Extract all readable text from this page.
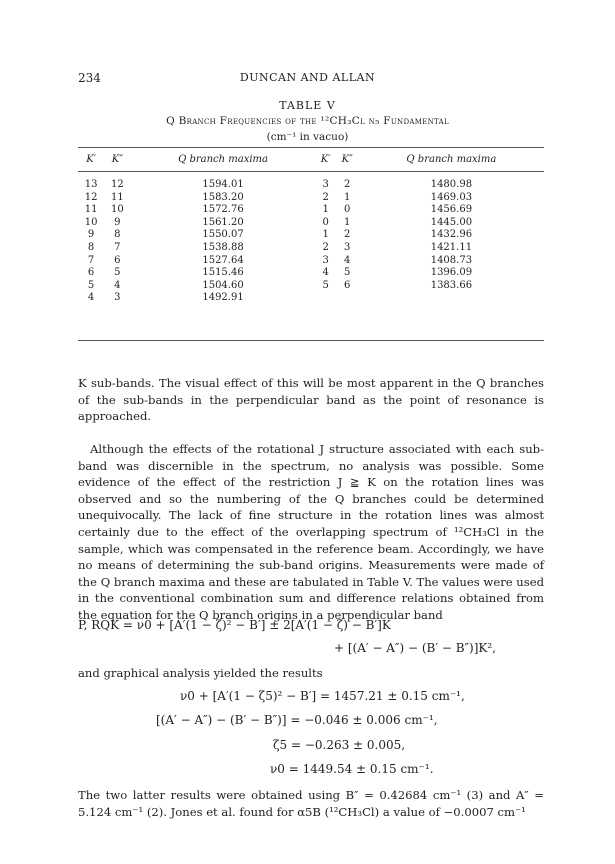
234	DUNCAN AND ALLAN
TABLE V
Q Branch Frequencies of the ¹²CH₃Cl ν₅ Fundamental
(cm⁻¹ in vacuo)
K′	K″	Q branch maxima	K′	K″	Q branch maxima
13	12	1594.01	3	2	1480.98
12	11	1583.20	2	1	1469.03
11	10	1572.76	1	0	1456.69
10	9	1561.20	0	1	1445.00
9	8	1550.07	1	2	1432.96
8	7	1538.88	2	3	1421.11
7	6	1527.64	3	4	1408.73
6	5	1515.46	4	5	1396.09
5	4	1504.60	5	6	1383.66
4	3	1492.91			
K sub-bands. The visual effect of this will be most apparent in the Q branches of the sub-bands in the perpendicular band as the point of resonance is approached.
Although the effects of the rotational J structure associated with each sub-band was discernible in the spectrum, no analysis was possible. Some evidence of the effect of the restriction J ≧ K on the rotation lines was observed and so the numbering of the Q branches could be determined unequivocally. The lack of fine structure in the rotation lines was almost certainly due to the effect of the overlapping spectrum of ¹²CH₃Cl in the sample, which was compensated in the reference beam. Accordingly, we have no means of determining the sub-band origins. Measurements were made of the Q branch maxima and these are tabulated in Table V. The values were used in the conventional combination sum and difference relations obtained from the equation for the Q branch origins in a perpendicular band
P, RQK = ν0 + [A′(1 − ζ)² − B′] ± 2[A′(1 − ζ) − B′]K
+ [(A′ − A″) − (B′ − B″)]K²,
and graphical analysis yielded the results
ν0 + [A′(1 − ζ5)² − B′] = 1457.21 ± 0.15 cm⁻¹,
[(A′ − A″) − (B′ − B″)] = −0.046 ± 0.006 cm⁻¹,
ζ5 = −0.263 ± 0.005,
ν0 = 1449.54 ± 0.15 cm⁻¹.
The two latter results were obtained using B″ = 0.42684 cm⁻¹ (3) and A″ = 5.124 cm⁻¹ (2). Jones et al. found for α5B (¹²CH₃Cl) a value of −0.0007 cm⁻¹
